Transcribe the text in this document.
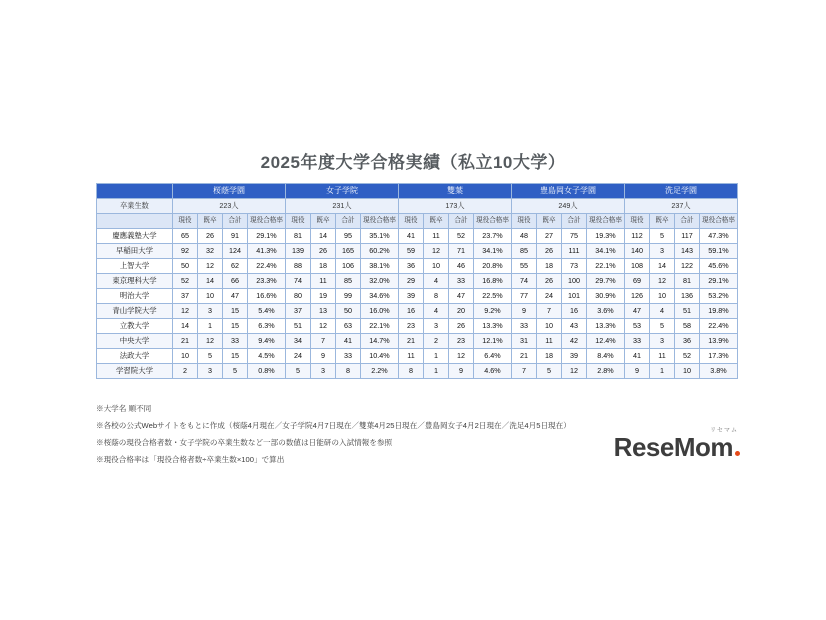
2025年度大学合格実績（私立10大学）
	桜蔭学園				女子学院				雙葉				豊島岡女子学園				洗足学園			
卒業生数	223人				231人				173人				249人				237人			
	現役	既卒	合計	現役合格率	現役	既卒	合計	現役合格率	現役	既卒	合計	現役合格率	現役	既卒	合計	現役合格率	現役	既卒	合計	現役合格率
慶應義塾大学	65	26	91	29.1%	81	14	95	35.1%	41	11	52	23.7%	48	27	75	19.3%	112	5	117	47.3%
早稲田大学	92	32	124	41.3%	139	26	165	60.2%	59	12	71	34.1%	85	26	111	34.1%	140	3	143	59.1%
上智大学	50	12	62	22.4%	88	18	106	38.1%	36	10	46	20.8%	55	18	73	22.1%	108	14	122	45.6%
東京理科大学	52	14	66	23.3%	74	11	85	32.0%	29	4	33	16.8%	74	26	100	29.7%	69	12	81	29.1%
明治大学	37	10	47	16.6%	80	19	99	34.6%	39	8	47	22.5%	77	24	101	30.9%	126	10	136	53.2%
青山学院大学	12	3	15	5.4%	37	13	50	16.0%	16	4	20	9.2%	9	7	16	3.6%	47	4	51	19.8%
立教大学	14	1	15	6.3%	51	12	63	22.1%	23	3	26	13.3%	33	10	43	13.3%	53	5	58	22.4%
中央大学	21	12	33	9.4%	34	7	41	14.7%	21	2	23	12.1%	31	11	42	12.4%	33	3	36	13.9%
法政大学	10	5	15	4.5%	24	9	33	10.4%	11	1	12	6.4%	21	18	39	8.4%	41	11	52	17.3%
学習院大学	2	3	5	0.8%	5	3	8	2.2%	8	1	9	4.6%	7	5	12	2.8%	9	1	10	3.8%
※大学名 順不同
※各校の公式Webサイトをもとに作成（桜蔭4月現在／女子学院4月7日現在／雙葉4月25日現在／豊島岡女子4月2日現在／洗足4月5日現在）
※桜蔭の現役合格者数・女子学院の卒業生数など一部の数値は日能研の入試情報を参照
※現役合格率は「現役合格者数÷卒業生数×100」で算出
リセマム
ReseMom
